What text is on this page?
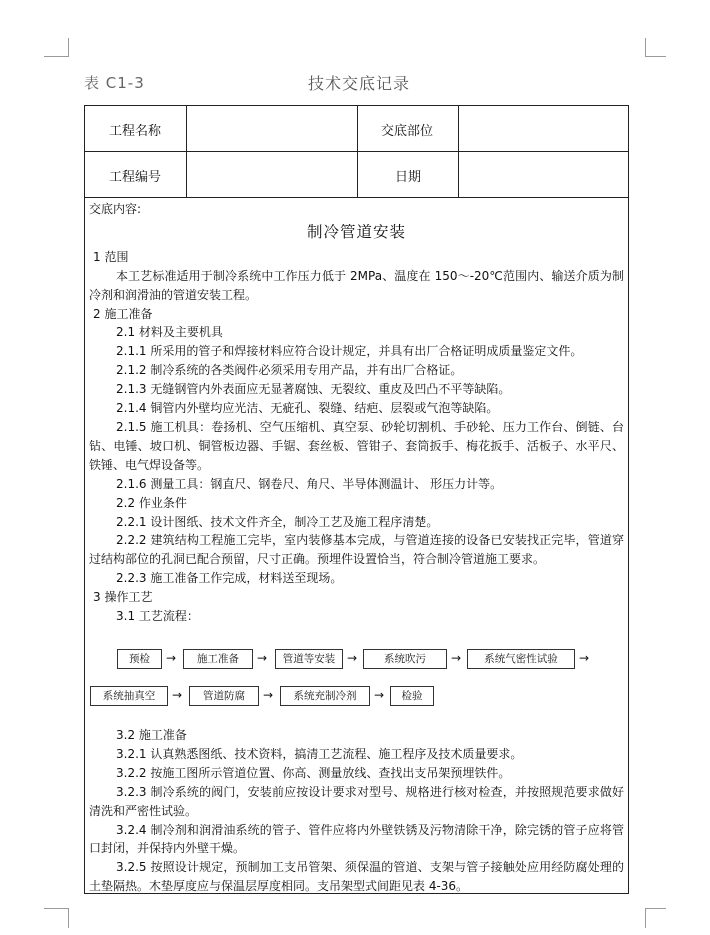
表 C1-3	技术交底记录
工程名称	交底部位
工程编号	日期

交底内容:

制冷管道安装

1 范围

本工艺标准适用于制冷系统中工作压力低于 2MPa、温度在 150～-20℃范围内、输送介质为制冷剂和润滑油的管道安装工程。

2 施工准备

2.1 材料及主要机具

2.1.1 所采用的管子和焊接材料应符合设计规定，并具有出厂合格证明成质量鉴定文件。

2.1.2 制冷系统的各类阀件必须采用专用产品，并有出厂合格证。

2.1.3 无缝钢管内外表面应无显著腐蚀、无裂纹、重皮及凹凸不平等缺陷。

2.1.4 铜管内外壁均应光洁、无疵孔、裂缝、结疤、层裂或气泡等缺陷。

2.1.5 施工机具：卷扬机、空气压缩机、真空泵、砂轮切割机、手砂轮、压力工作台、倒链、台钻、电锤、坡口机、铜管板边器、手锯、套丝板、管钳子、套筒扳手、梅花扳手、活板子、水平尺、铁锤、电气焊设备等。

2.1.6 测量工具：钢直尺、钢卷尺、角尺、半导体测温计、 形压力计等。

2.2 作业条件

2.2.1 设计图纸、技术文件齐全，制冷工艺及施工程序清楚。

2.2.2 建筑结构工程施工完毕，室内装修基本完成，与管道连接的设备已安装找正完毕，管道穿过结构部位的孔洞已配合预留，尺寸正确。预埋件设置恰当，符合制冷管道施工要求。

2.2.3 施工准备工作完成，材料送至现场。

3 操作工艺

3.1 工艺流程：

预检	→	施工准备	→	管道等安装 →	系统吹污	→	系统气密性试验	→
系统抽真空	→	管道防腐	→	系统充制冷剂	→	检验

3.2 施工准备

3.2.1 认真熟悉图纸、技术资料，搞清工艺流程、施工程序及技术质量要求。

3.2.2 按施工图所示管道位置、你高、测量放线、查找出支吊架预埋铁件。

3.2.3 制冷系统的阀门，安装前应按设计要求对型号、规格进行核对检查，并按照规范要求做好清洗和严密性试验。

3.2.4 制冷剂和润滑油系统的管子、管件应将内外壁铁锈及污物清除干净，除完锈的管子应将管口封闭，并保持内外壁干燥。

3.2.5 按照设计规定，预制加工支吊管架、须保温的管道、支架与管子接触处应用经防腐处理的土垫隔热。木垫厚度应与保温层厚度相同。支吊架型式间距见表 4-36。
